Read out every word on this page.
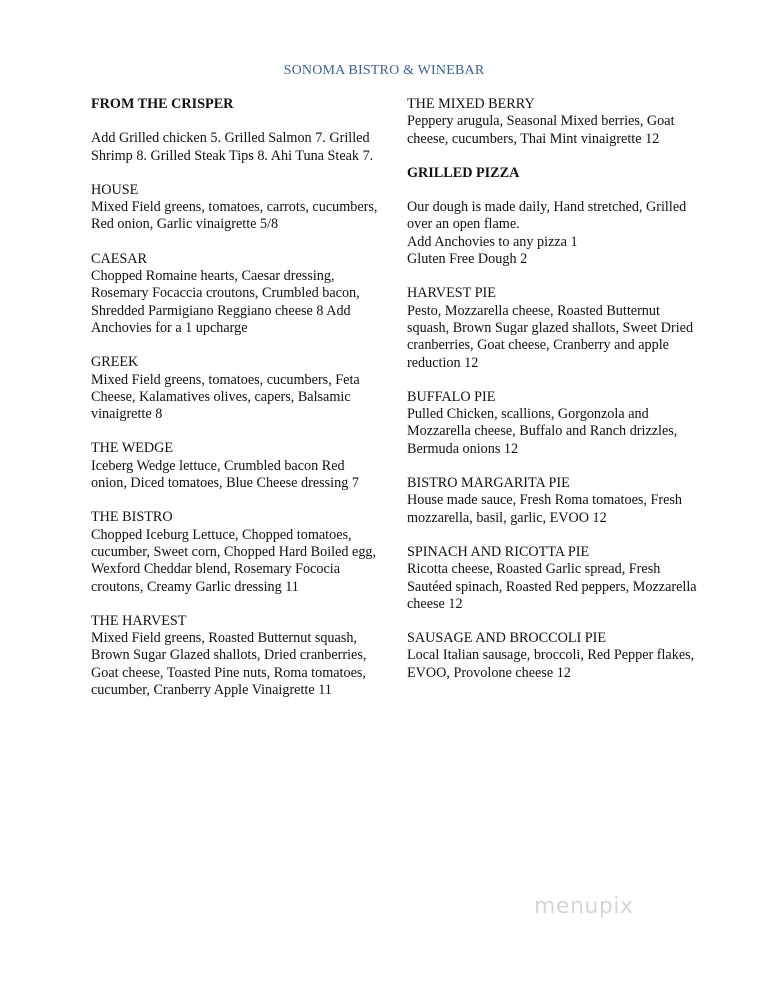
SONOMA BISTRO & WINEBAR
FROM THE CRISPER
Add Grilled chicken 5. Grilled Salmon 7. Grilled Shrimp 8. Grilled Steak Tips 8. Ahi Tuna Steak 7.
HOUSE
Mixed Field greens, tomatoes, carrots, cucumbers, Red onion, Garlic vinaigrette 5/8
CAESAR
Chopped Romaine hearts, Caesar dressing, Rosemary Focaccia croutons, Crumbled bacon, Shredded Parmigiano Reggiano cheese 8 Add Anchovies for a 1 upcharge
GREEK
Mixed Field greens, tomatoes, cucumbers, Feta Cheese, Kalamatives olives, capers, Balsamic vinaigrette 8
THE WEDGE
Iceberg Wedge lettuce, Crumbled bacon Red onion, Diced tomatoes, Blue Cheese dressing 7
THE BISTRO
Chopped Iceburg Lettuce, Chopped tomatoes, cucumber, Sweet corn, Chopped Hard Boiled egg, Wexford Cheddar blend, Rosemary Fococia croutons, Creamy Garlic dressing 11
THE HARVEST
Mixed Field greens, Roasted Butternut squash, Brown Sugar Glazed shallots, Dried cranberries, Goat cheese, Toasted Pine nuts, Roma tomatoes, cucumber, Cranberry Apple Vinaigrette 11
THE MIXED BERRY
Peppery arugula, Seasonal Mixed berries, Goat cheese, cucumbers, Thai Mint vinaigrette 12
GRILLED PIZZA
Our dough is made daily, Hand stretched, Grilled over an open flame.
Add Anchovies to any pizza 1
Gluten Free Dough 2
HARVEST PIE
Pesto, Mozzarella cheese, Roasted Butternut squash, Brown Sugar glazed shallots, Sweet Dried cranberries, Goat cheese, Cranberry and apple reduction 12
BUFFALO PIE
Pulled Chicken, scallions, Gorgonzola and Mozzarella cheese, Buffalo and Ranch drizzles, Bermuda onions 12
BISTRO MARGARITA PIE
House made sauce, Fresh Roma tomatoes, Fresh mozzarella, basil, garlic, EVOO 12
SPINACH AND RICOTTA PIE
Ricotta cheese, Roasted Garlic spread, Fresh Sautéed spinach, Roasted Red peppers, Mozzarella cheese 12
SAUSAGE AND BROCCOLI PIE
Local Italian sausage, broccoli, Red Pepper flakes, EVOO, Provolone cheese 12
menupix
